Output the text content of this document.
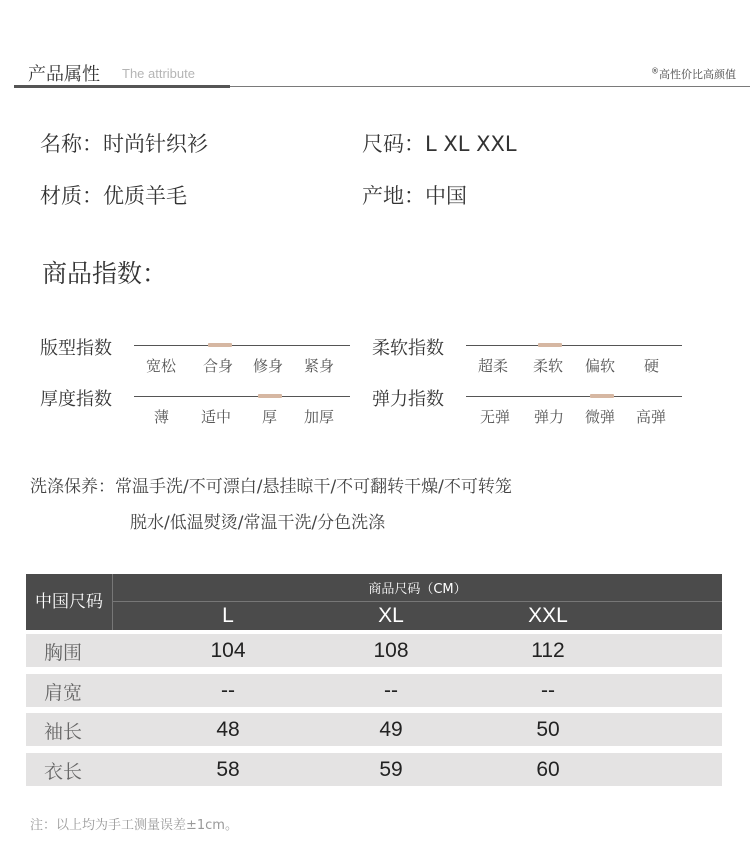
产品属性 The attribute	®高性价比高颜值
名称：时尚针织衫	尺码：L XL XXL
材质：优质羊毛	产地：中国
商品指数：
版型指数
宽松 合身 修身 紧身
柔软指数
超柔 柔软 偏软 硬
厚度指数
薄 适中 厚 加厚
弹力指数
无弹 弹力 微弹 高弹
洗涤保养：常温手洗/不可漂白/悬挂晾干/不可翻转干燥/不可转笼
脱水/低温熨烫/常温干洗/分色洗涤
中国尺码
商品尺码（CM）
L	XL	XXL
胸围	104	108	112
肩宽	--	--	--
袖长	48	49	50
衣长	58	59	60
注：以上均为手工测量误差±1cm。
